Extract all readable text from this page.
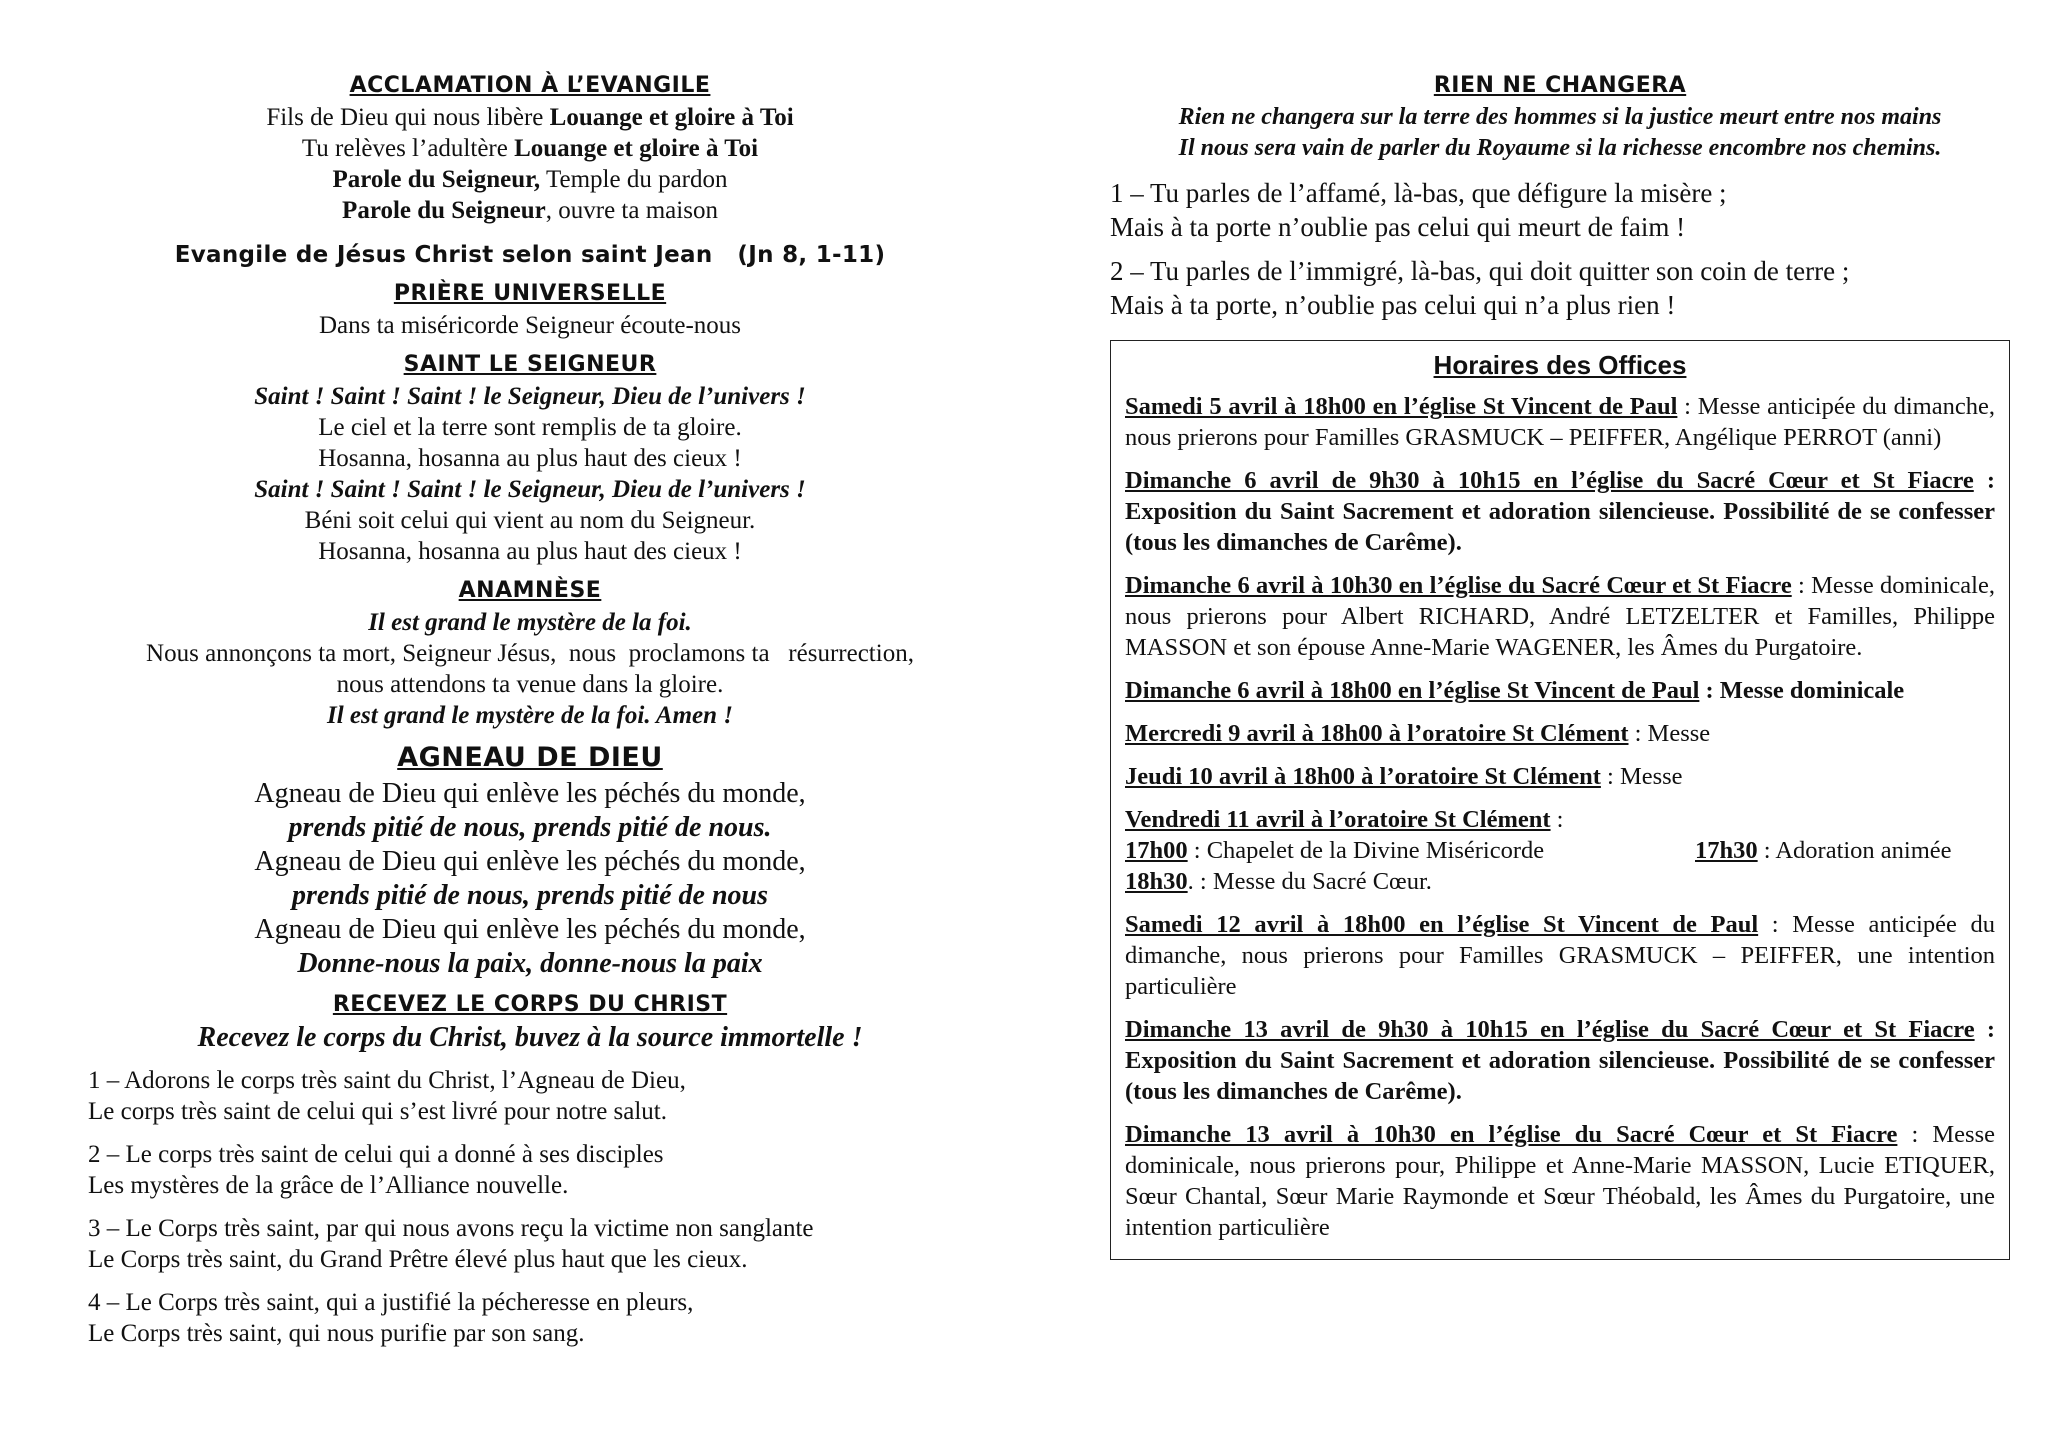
ACCLAMATION À L’EVANGILE

Fils de Dieu qui nous libère Louange et gloire à Toi

Tu relèves l’adultère Louange et gloire à Toi

Parole du Seigneur, Temple du pardon

Parole du Seigneur, ouvre ta maison

Evangile de Jésus Christ selon saint Jean   (Jn 8, 1-11)

PRIÈRE UNIVERSELLE

Dans ta miséricorde Seigneur écoute-nous

SAINT LE SEIGNEUR

Saint ! Saint ! Saint ! le Seigneur, Dieu de l’univers !

Le ciel et la terre sont remplis de ta gloire.

Hosanna, hosanna au plus haut des cieux !

Saint ! Saint ! Saint ! le Seigneur, Dieu de l’univers !

Béni soit celui qui vient au nom du Seigneur.

Hosanna, hosanna au plus haut des cieux !

ANAMNÈSE

Il est grand le mystère de la foi.

Nous annonçons ta mort, Seigneur Jésus,  nous  proclamons ta   résurrection,

nous attendons ta venue dans la gloire.

Il est grand le mystère de la foi. Amen !

AGNEAU DE DIEU

Agneau de Dieu qui enlève les péchés du monde,

prends pitié de nous, prends pitié de nous.

Agneau de Dieu qui enlève les péchés du monde,

prends pitié de nous, prends pitié de nous

Agneau de Dieu qui enlève les péchés du monde,

Donne-nous la paix, donne-nous la paix

RECEVEZ LE CORPS DU CHRIST

Recevez le corps du Christ, buvez à la source immortelle !

1 – Adorons le corps très saint du Christ, l’Agneau de Dieu,
Le corps très saint de celui qui s’est livré pour notre salut.

2 – Le corps très saint de celui qui a donné à ses disciples
Les mystères de la grâce de l’Alliance nouvelle.

3 – Le Corps très saint, par qui nous avons reçu la victime non sanglante
Le Corps très saint, du Grand Prêtre élevé plus haut que les cieux.

4 – Le Corps très saint, qui a justifié la pécheresse en pleurs,
Le Corps très saint, qui nous purifie par son sang.

RIEN NE CHANGERA

Rien ne changera sur la terre des hommes si la justice meurt entre nos mains

Il nous sera vain de parler du Royaume si la richesse encombre nos chemins.

1 – Tu parles de l’affamé, là-bas, que défigure la misère ;
Mais à ta porte n’oublie pas celui qui meurt de faim !

2 – Tu parles de l’immigré, là-bas, qui doit quitter son coin de terre ;
Mais à ta porte, n’oublie pas celui qui n’a plus rien !

Horaires des Offices

Samedi 5 avril à 18h00 en l’église St Vincent de Paul : Messe anticipée du dimanche, nous prierons pour Familles GRASMUCK – PEIFFER, Angélique PERROT (anni)

Dimanche 6 avril de 9h30 à 10h15 en l’église du Sacré Cœur et St Fiacre : Exposition du Saint Sacrement et adoration silencieuse. Possibilité de se confesser (tous les dimanches de Carême).

Dimanche 6 avril à 10h30 en l’église du Sacré Cœur et St Fiacre : Messe dominicale, nous prierons pour Albert RICHARD, André LETZELTER et Familles, Philippe MASSON et son épouse Anne-Marie WAGENER, les Âmes du Purgatoire.

Dimanche 6 avril à 18h00 en l’église St Vincent de Paul : Messe dominicale

Mercredi 9 avril à 18h00 à l’oratoire St Clément : Messe

Jeudi 10 avril à 18h00 à l’oratoire St Clément : Messe

Vendredi 11 avril à l’oratoire St Clément :
17h00 : Chapelet de la Divine Miséricorde	17h30 : Adoration animée
18h30. : Messe du Sacré Cœur.

Samedi 12 avril à 18h00 en l’église St Vincent de Paul : Messe anticipée du dimanche, nous prierons pour Familles GRASMUCK – PEIFFER, une intention particulière

Dimanche 13 avril de 9h30 à 10h15 en l’église du Sacré Cœur et St Fiacre : Exposition du Saint Sacrement et adoration silencieuse. Possibilité de se confesser (tous les dimanches de Carême).

Dimanche 13 avril à 10h30 en l’église du Sacré Cœur et St Fiacre : Messe dominicale, nous prierons pour, Philippe et Anne-Marie MASSON, Lucie ETIQUER, Sœur Chantal, Sœur Marie Raymonde et Sœur Théobald, les Âmes du Purgatoire, une intention particulière
